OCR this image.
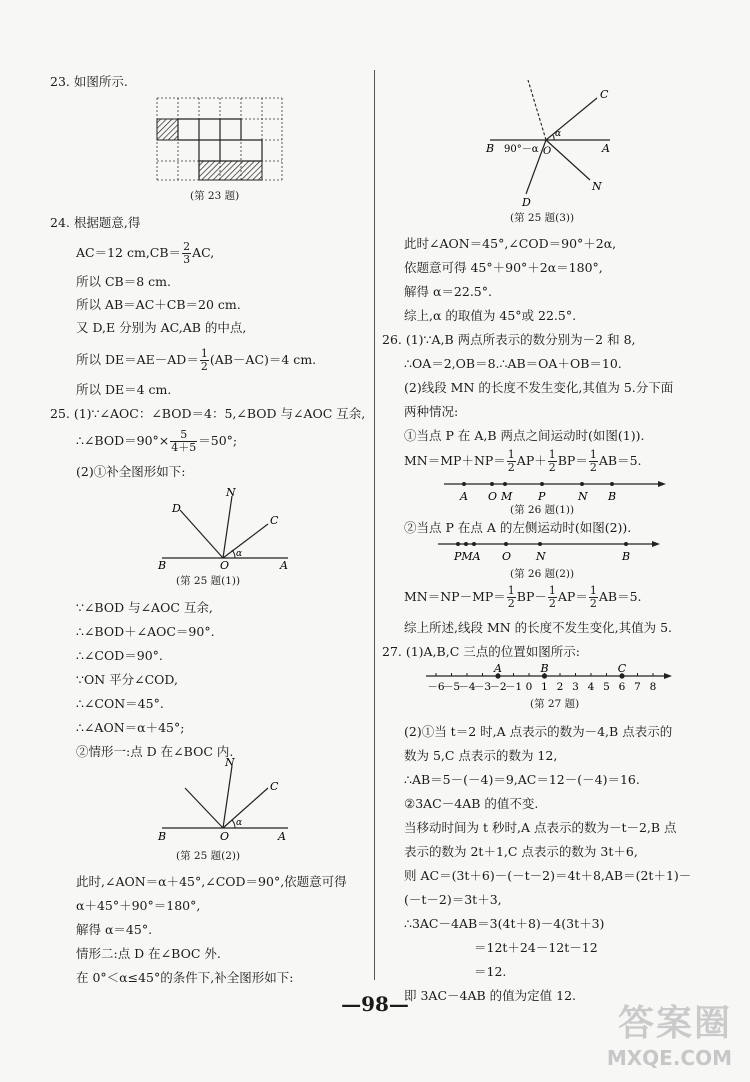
23. 如图所示.
(第 23 题)
24. 根据题意,得
AC＝12 $cm,CB= \frac{2}{3}$ AC,
所以 CB＝8 cm.
所以 AB＝AC＋CB＝20 cm.
又 D,E 分别为 AC,AB 的中点,
所以 $DE=AE-AD= \frac{1}{2} (AB-AC)=4$ cm.
所以 DE＝4 cm.
25. (1)∵∠AOC：∠BOD＝4：5,∠BOD 与∠AOC 互余,
∴∠BOD＝90°× $\frac{5}{4+5} =50^\circ$;
(2)①补全图形如下:
B	O	A
D
N
C
α
(第 25 题(1))
∵∠BOD 与∠AOC 互余,
∴∠BOD＋∠AOC＝90°.
∴∠COD＝90°.
∵ON 平分∠COD,
∴∠CON＝45°.
∴∠AON＝α＋45°;
②情形一:点 D 在∠BOC 内.
B	O	A
N
C
α
(第 25 题(2))
此时,∠AON＝α＋45°,∠COD＝90°,依题意可得
α＋45°＋90°＝180°,
解得 α＝45°.
情形二:点 D 在∠BOC 外.
在 0°＜α≤45°的条件下,补全图形如下:
B 90°－α O	A
C
N
D
α
(第 25 题(3))
此时∠AON＝45°,∠COD＝90°＋2α,
依题意可得 45°＋90°＋2α＝180°,
解得 α＝22.5°.
综上,α 的取值为 45°或 22.5°.
26. (1)∵A,B 两点所表示的数分别为－2 和 8,
∴OA＝2,OB＝8.∴AB＝OA＋OB＝10.
(2)线段 MN 的长度不发生变化,其值为 5.分下面
两种情况:
①当点 P 在 A,B 两点之间运动时(如图(1)).
$MN=MP+NP= \frac{1}{2} AP+ \frac{1}{2} BP= \frac{1}{2} AB=5$.
A O M P	N B
(第 26 题(1))
②当点 P 在点 A 的左侧运动时(如图(2)).
PMA O N	B
(第 26 题(2))
$MN=NP-MP= \frac{1}{2} BP- \frac{1}{2} AP= \frac{1}{2} AB=5$.
综上所述,线段 MN 的长度不发生变化,其值为 5.
27. (1)A,B,C 三点的位置如图所示:
－6
－5
－4
－3
－2
－1 0 1 2 3 4 5 6 7 8
A	B	C
(第 27 题)
(2)①当 t＝2 时,A 点表示的数为－4,B 点表示的
数为 5,C 点表示的数为 12,
∴AB＝5－(－4)＝9,AC＝12－(－4)＝16.
②3AC－4AB 的值不变.
当移动时间为 t 秒时,A 点表示的数为－t－2,B 点
表示的数为 2t＋1,C 点表示的数为 3t＋6,
则 AC＝(3t＋6)－(－t－2)＝4t＋8,AB＝(2t＋1)－
(－t－2)＝3t＋3,
∴3AC－4AB＝3(4t＋8)－4(3t＋3)
＝12t＋24－12t－12
＝12.
即 3AC－4AB 的值为定值 12.
—98—	答案圈
MXQE.COM
